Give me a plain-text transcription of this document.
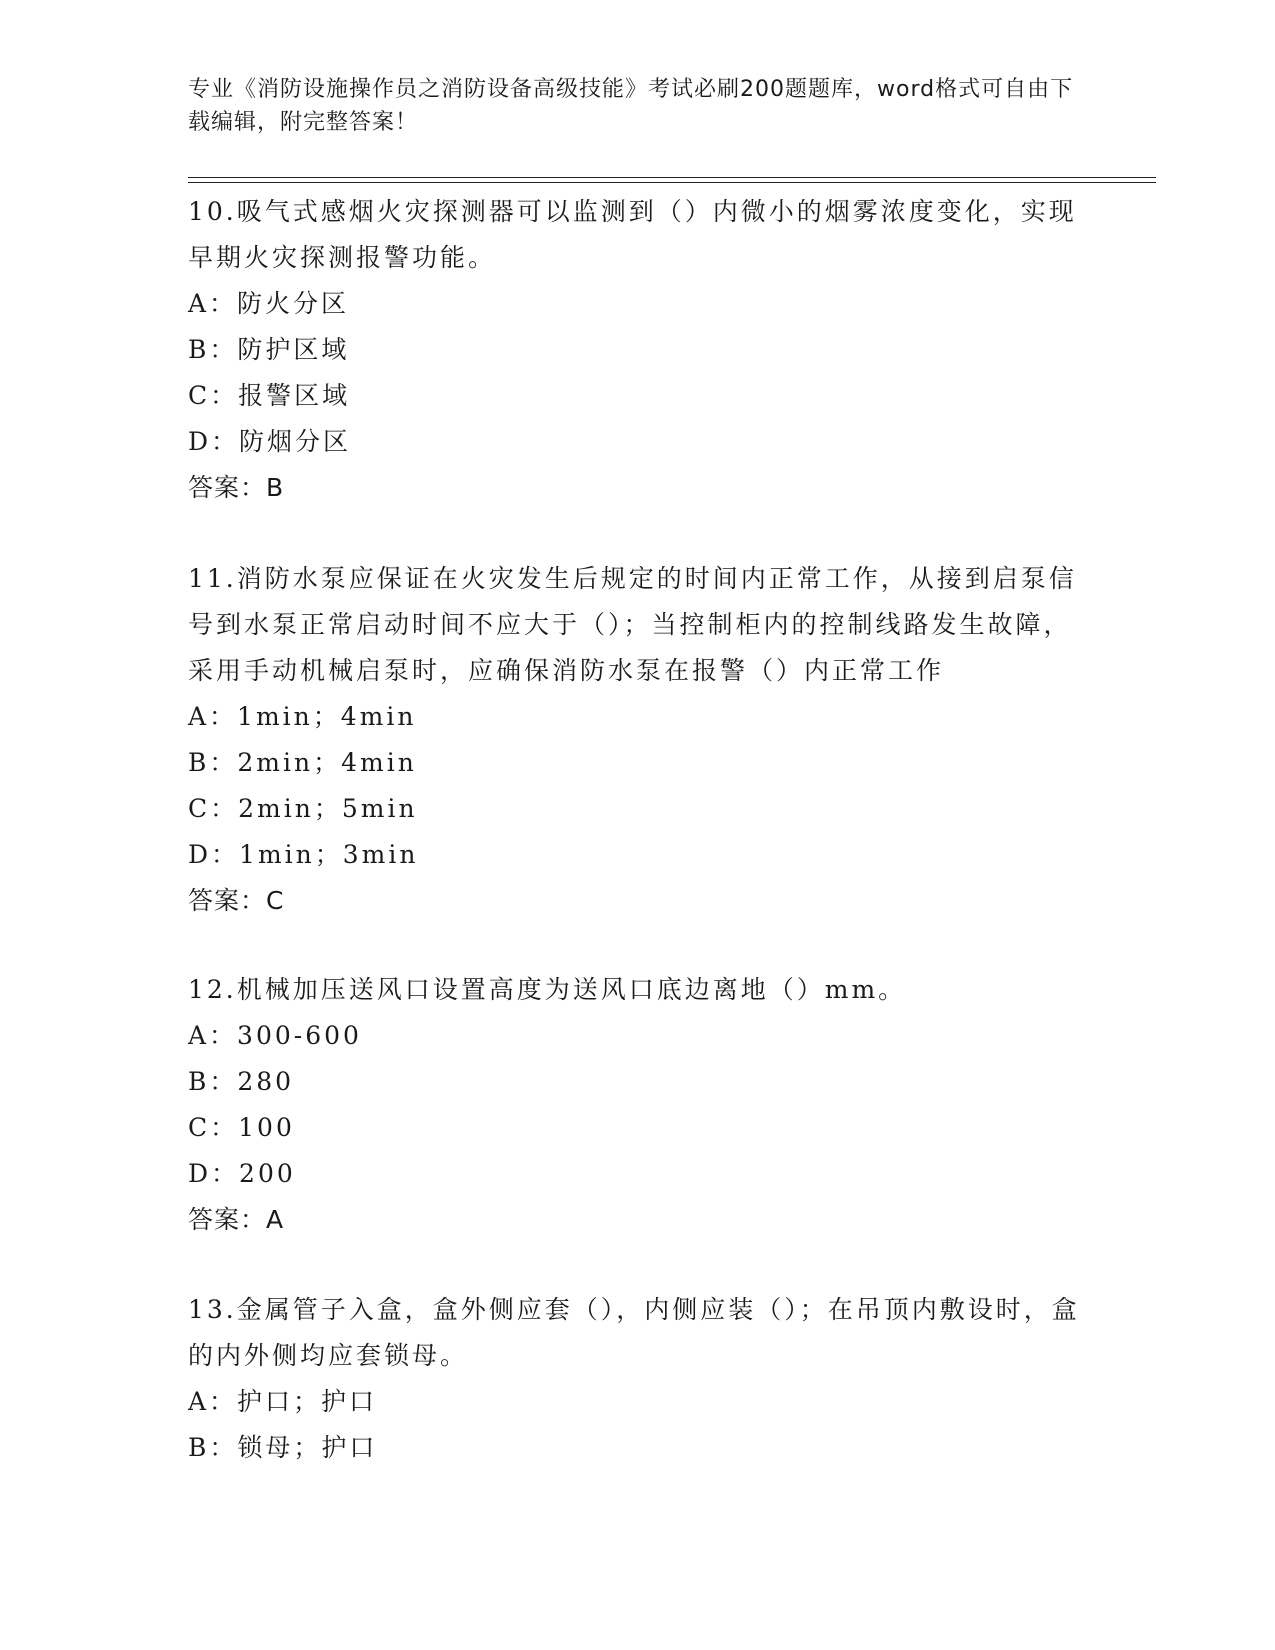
专业《消防设施操作员之消防设备高级技能》考试必刷200题题库，word格式可自由下载编辑，附完整答案！

10.吸气式感烟火灾探测器可以监测到（）内微小的烟雾浓度变化，实现早期火灾探测报警功能。

A：防火分区

B：防护区域

C：报警区域

D：防烟分区

答案：B

11.消防水泵应保证在火灾发生后规定的时间内正常工作，从接到启泵信号到水泵正常启动时间不应大于（）；当控制柜内的控制线路发生故障，采用手动机械启泵时，应确保消防水泵在报警（）内正常工作

A：1min；4min

B：2min；4min

C：2min；5min

D：1min；3min

答案：C

12.机械加压送风口设置高度为送风口底边离地（）mm。

A：300-600

B：280

C：100

D：200

答案：A

13.金属管子入盒，盒外侧应套（），内侧应装（）；在吊顶内敷设时，盒的内外侧均应套锁母。

A：护口；护口

B：锁母；护口
